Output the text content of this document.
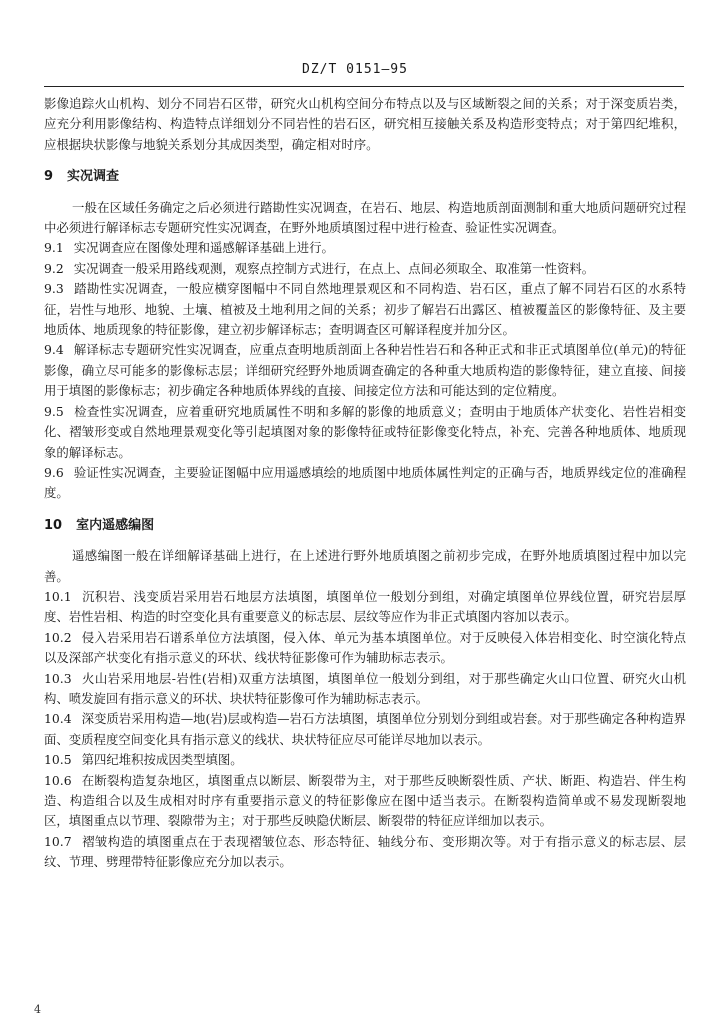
DZ/T 0151—95

影像追踪火山机构、划分不同岩石区带，研究火山机构空间分布特点以及与区域断裂之间的关系；对于深变质岩类，应充分利用影像结构、构造特点详细划分不同岩性的岩石区，研究相互接触关系及构造形变特点；对于第四纪堆积，应根据块状影像与地貌关系划分其成因类型，确定相对时序。

9 实况调查

一般在区域任务确定之后必须进行踏勘性实况调查，在岩石、地层、构造地质剖面测制和重大地质问题研究过程中必须进行解译标志专题研究性实况调查，在野外地质填图过程中进行检查、验证性实况调查。

9.1 实况调查应在图像处理和遥感解译基础上进行。

9.2 实况调查一般采用路线观测，观察点控制方式进行，在点上、点间必须取全、取准第一性资料。

9.3 踏勘性实况调查，一般应横穿图幅中不同自然地理景观区和不同构造、岩石区，重点了解不同岩石区的水系特征，岩性与地形、地貌、土壤、植被及土地利用之间的关系；初步了解岩石出露区、植被覆盖区的影像特征、及主要地质体、地质现象的特征影像，建立初步解译标志；查明调查区可解译程度并加分区。

9.4 解译标志专题研究性实况调查，应重点查明地质剖面上各种岩性岩石和各种正式和非正式填图单位(单元)的特征影像，确立尽可能多的影像标志层；详细研究经野外地质调查确定的各种重大地质构造的影像特征，建立直接、间接用于填图的影像标志；初步确定各种地质体界线的直接、间接定位方法和可能达到的定位精度。

9.5 检查性实况调查，应着重研究地质属性不明和多解的影像的地质意义；查明由于地质体产状变化、岩性岩相变化、褶皱形变或自然地理景观变化等引起填图对象的影像特征或特征影像变化特点，补充、完善各种地质体、地质现象的解译标志。

9.6 验证性实况调查，主要验证图幅中应用遥感填绘的地质图中地质体属性判定的正确与否，地质界线定位的准确程度。

10 室内遥感编图

遥感编图一般在详细解译基础上进行，在上述进行野外地质填图之前初步完成，在野外地质填图过程中加以完善。

10.1 沉积岩、浅变质岩采用岩石地层方法填图，填图单位一般划分到组，对确定填图单位界线位置，研究岩层厚度、岩性岩相、构造的时空变化具有重要意义的标志层、层纹等应作为非正式填图内容加以表示。

10.2 侵入岩采用岩石谱系单位方法填图，侵入体、单元为基本填图单位。对于反映侵入体岩相变化、时空演化特点以及深部产状变化有指示意义的环状、线状特征影像可作为辅助标志表示。

10.3 火山岩采用地层-岩性(岩相)双重方法填图，填图单位一般划分到组，对于那些确定火山口位置、研究火山机构、喷发旋回有指示意义的环状、块状特征影像可作为辅助标志表示。

10.4 深变质岩采用构造—地(岩)层或构造—岩石方法填图，填图单位分别划分到组或岩套。对于那些确定各种构造界面、变质程度空间变化具有指示意义的线状、块状特征应尽可能详尽地加以表示。

10.5 第四纪堆积按成因类型填图。

10.6 在断裂构造复杂地区，填图重点以断层、断裂带为主，对于那些反映断裂性质、产状、断距、构造岩、伴生构造、构造组合以及生成相对时序有重要指示意义的特征影像应在图中适当表示。在断裂构造简单或不易发现断裂地区，填图重点以节理、裂隙带为主；对于那些反映隐伏断层、断裂带的特征应详细加以表示。

10.7 褶皱构造的填图重点在于表现褶皱位态、形态特征、轴线分布、变形期次等。对于有指示意义的标志层、层纹、节理、劈理带特征影像应充分加以表示。

4
